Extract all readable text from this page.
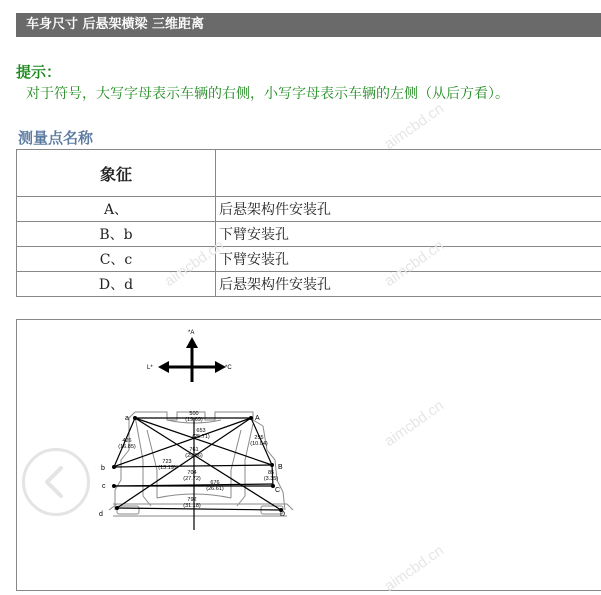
车身尺寸 后悬架横梁 三维距离
提示：
对于符号，大写字母表示车辆的右侧，小写字母表示车辆的左侧（从后方看）。
测量点名称
象征	
A、	后悬架构件安装孔
B、b	下臂安装孔
C、c	下臂安装孔
D、d	后悬架构件安装孔
*A
L*	*C
a	A
b	B
c
C
d	D
500
(19.69)
653
(25.71)
426
(16.85)
255
(10.04)
761
(29.96)
723
(13.19)
704
(27.72)
85
(3.35)
676
(26.61)
792
(31.18)
aimcbd.cn
aimcbd.cn	aimcbd.cn
aimcbd.cn
aimcbd.cn
